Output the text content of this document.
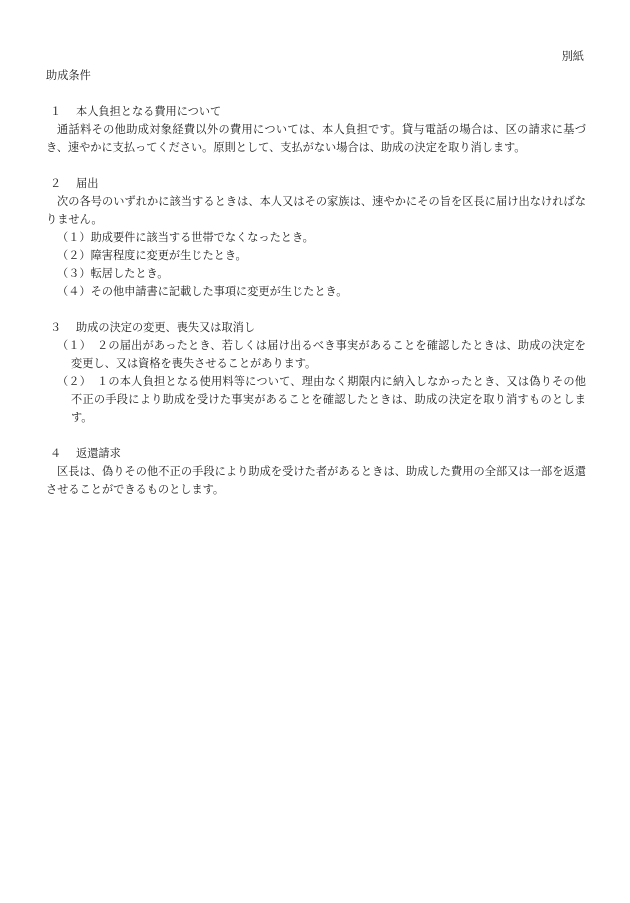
別紙
助成条件
１ 本人負担となる費用について
通話料その他助成対象経費以外の費用については、本人負担です。貸与電話の場合は、区の請求に基づき、速やかに支払ってください。原則として、支払がない場合は、助成の決定を取り消します。
２ 届出
次の各号のいずれかに該当するときは、本人又はその家族は、速やかにその旨を区長に届け出なければなりません。
（１）助成要件に該当する世帯でなくなったとき。
（２）障害程度に変更が生じたとき。
（３）転居したとき。
（４）その他申請書に記載した事項に変更が生じたとき。
３ 助成の決定の変更、喪失又は取消し
（１）　２の届出があったとき、若しくは届け出るべき事実があることを確認したときは、助成の決定を変更し、又は資格を喪失させることがあります。
（２）　１の本人負担となる使用料等について、理由なく期限内に納入しなかったとき、又は偽りその他不正の手段により助成を受けた事実があることを確認したときは、助成の決定を取り消すものとします。
４ 返還請求
区長は、偽りその他不正の手段により助成を受けた者があるときは、助成した費用の全部又は一部を返還させることができるものとします。
